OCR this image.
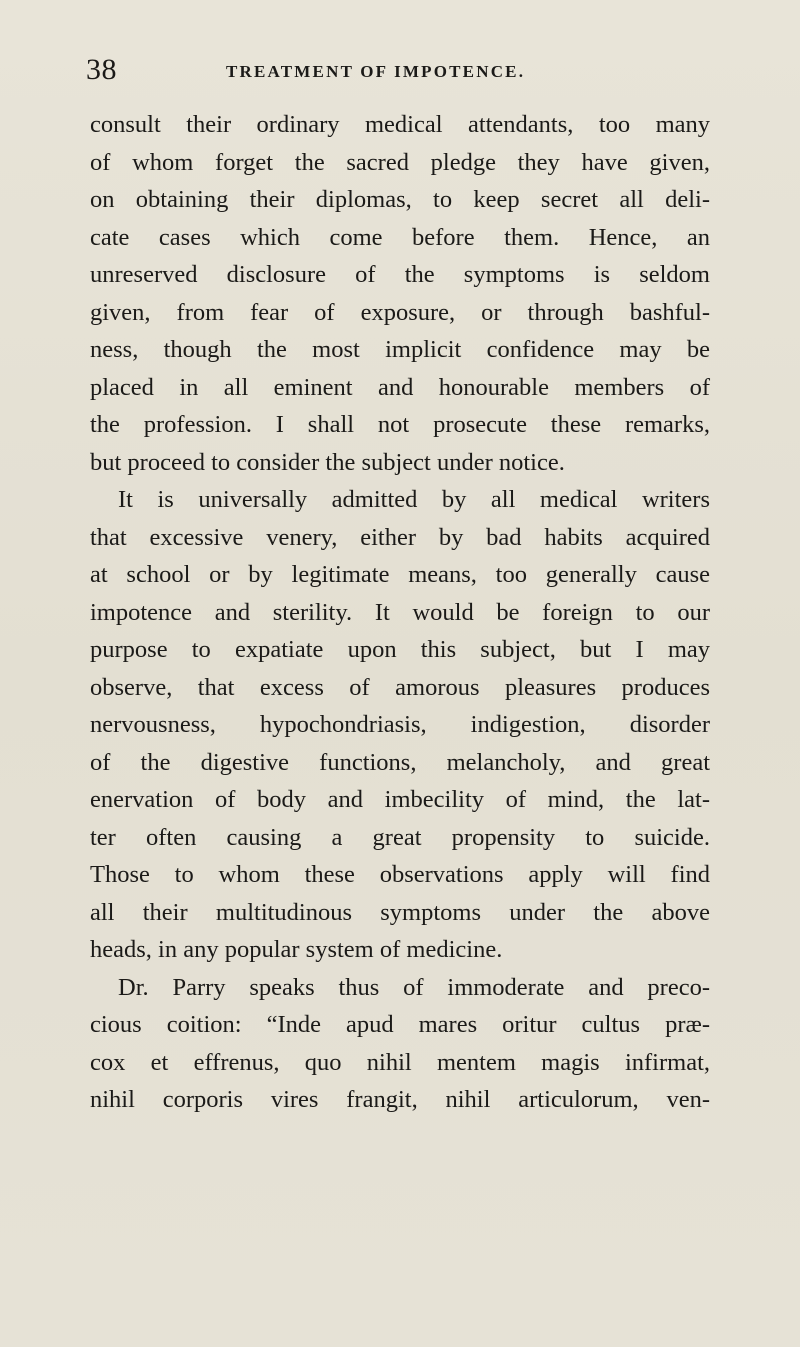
38	TREATMENT OF IMPOTENCE.
consult their ordinary medical attendants, too many
of whom forget the sacred pledge they have given,
on obtaining their diplomas, to keep secret all deli-
cate cases which come before them. Hence, an
unreserved disclosure of the symptoms is seldom
given, from fear of exposure, or through bashful-
ness, though the most implicit confidence may be
placed in all eminent and honourable members of
the profession. I shall not prosecute these remarks,
but proceed to consider the subject under notice.
It is universally admitted by all medical writers
that excessive venery, either by bad habits acquired
at school or by legitimate means, too generally cause
impotence and sterility. It would be foreign to our
purpose to expatiate upon this subject, but I may
observe, that excess of amorous pleasures produces
nervousness, hypochondriasis, indigestion, disorder
of the digestive functions, melancholy, and great
enervation of body and imbecility of mind, the lat-
ter often causing a great propensity to suicide.
Those to whom these observations apply will find
all their multitudinous symptoms under the above
heads, in any popular system of medicine.
Dr. Parry speaks thus of immoderate and preco-
cious coition: “Inde apud mares oritur cultus præ-
cox et effrenus, quo nihil mentem magis infirmat,
nihil corporis vires frangit, nihil articulorum, ven-
